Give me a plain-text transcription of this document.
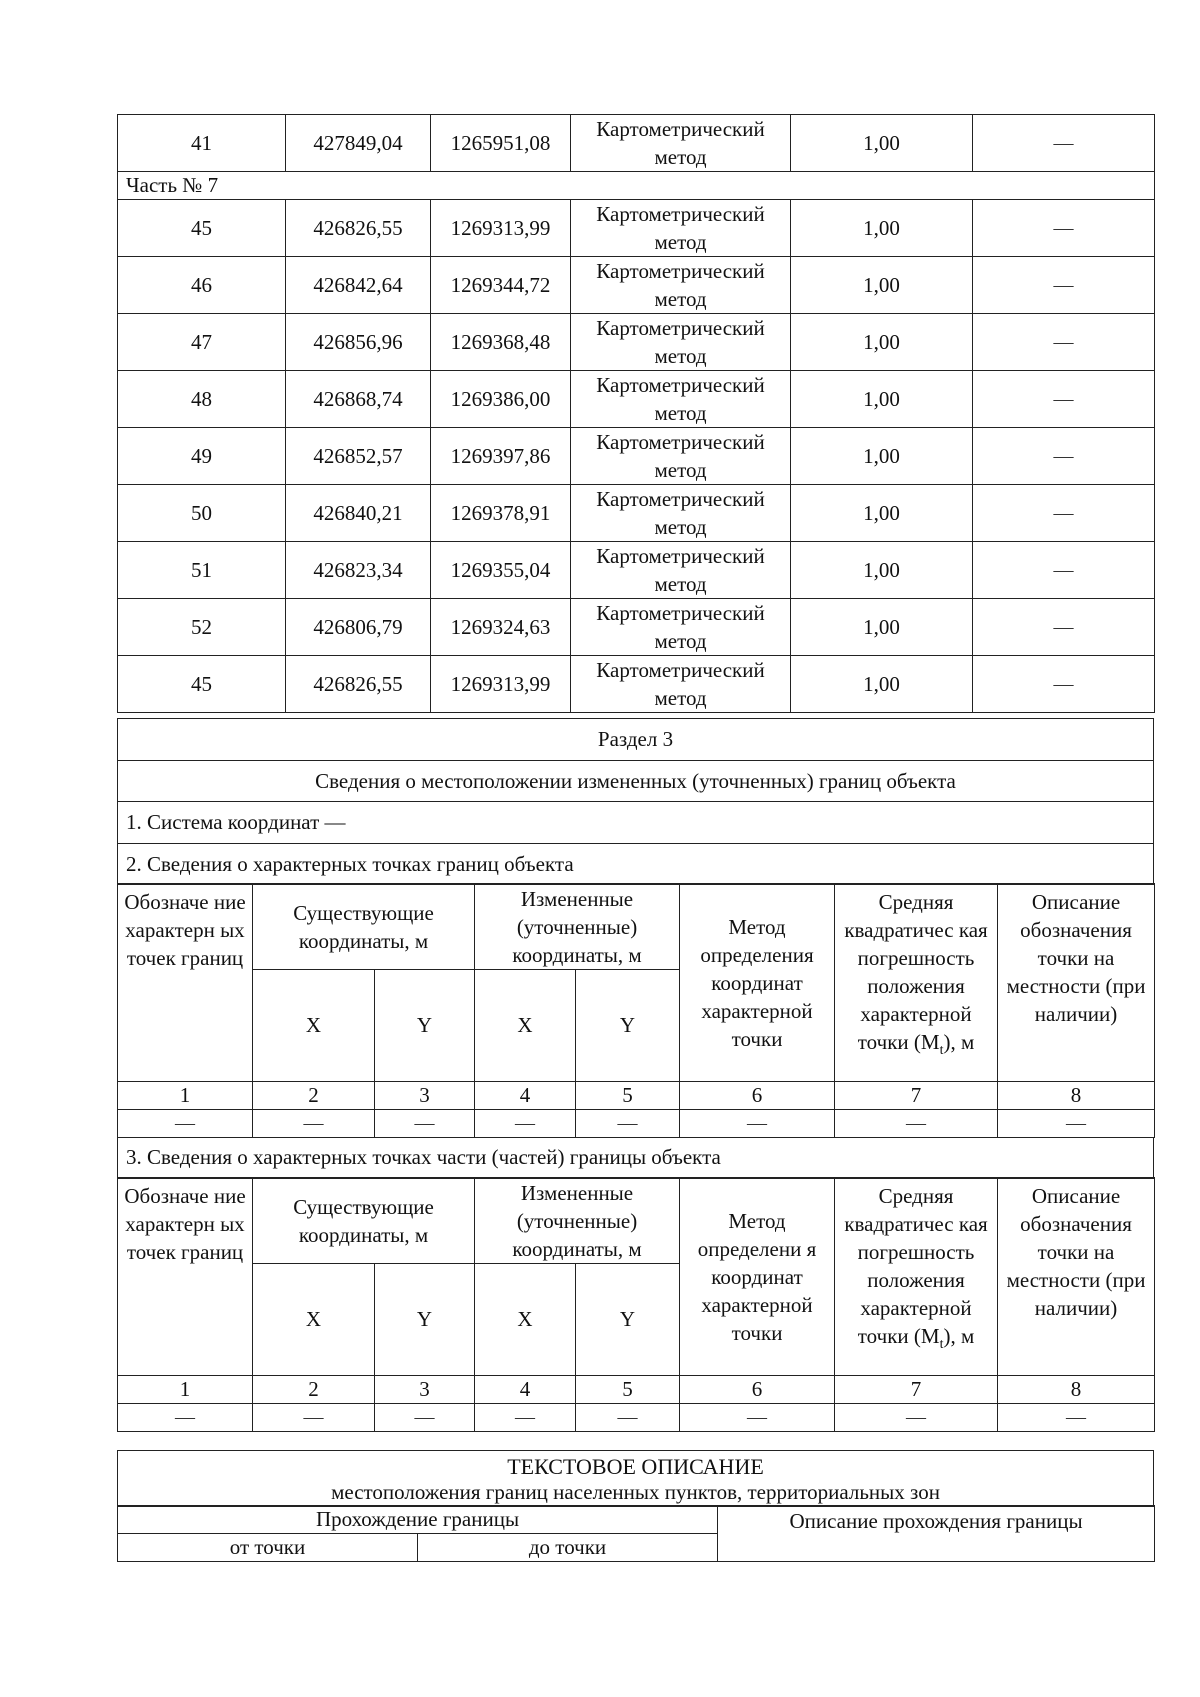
41	427849,04	1265951,08	Картометрический метод	1,00	—
Часть № 7					
45	426826,55	1269313,99	Картометрический метод	1,00	—
46	426842,64	1269344,72	Картометрический метод	1,00	—
47	426856,96	1269368,48	Картометрический метод	1,00	—
48	426868,74	1269386,00	Картометрический метод	1,00	—
49	426852,57	1269397,86	Картометрический метод	1,00	—
50	426840,21	1269378,91	Картометрический метод	1,00	—
51	426823,34	1269355,04	Картометрический метод	1,00	—
52	426806,79	1269324,63	Картометрический метод	1,00	—
45	426826,55	1269313,99	Картометрический метод	1,00	—
Раздел 3
Сведения о местоположении измененных (уточненных) границ объекта
1. Система координат —
2. Сведения о характерных точках границ объекта
Обозначе ние характерн ых точек границ	Существующие координаты, м		Измененные (уточненные) координаты, м		Метод определения координат характерной точки	Средняя квадратичес кая погрешность положения характерной точки $(M_t)$, м	Описание обозначения точки на местности (при наличии)
	X	Y	X	Y			
1	2	3	4	5	6	7	8
—	—	—	—	—	—	—	—
3. Сведения о характерных точках части (частей) границы объекта
Обозначе ние характерн ых точек границ	Существующие координаты, м		Измененные (уточненные) координаты, м		Метод определени я координат характерной точки	Средняя квадратичес кая погрешность положения характерной точки $(M_t)$, м	Описание обозначения точки на местности (при наличии)
	X	Y	X	Y			
1	2	3	4	5	6	7	8
—	—	—	—	—	—	—	—
ТЕКСТОВОЕ ОПИСАНИЕ
местоположения границ населенных пунктов, территориальных зон
Прохождение границы		Описание прохождения границы
от точки	до точки	
